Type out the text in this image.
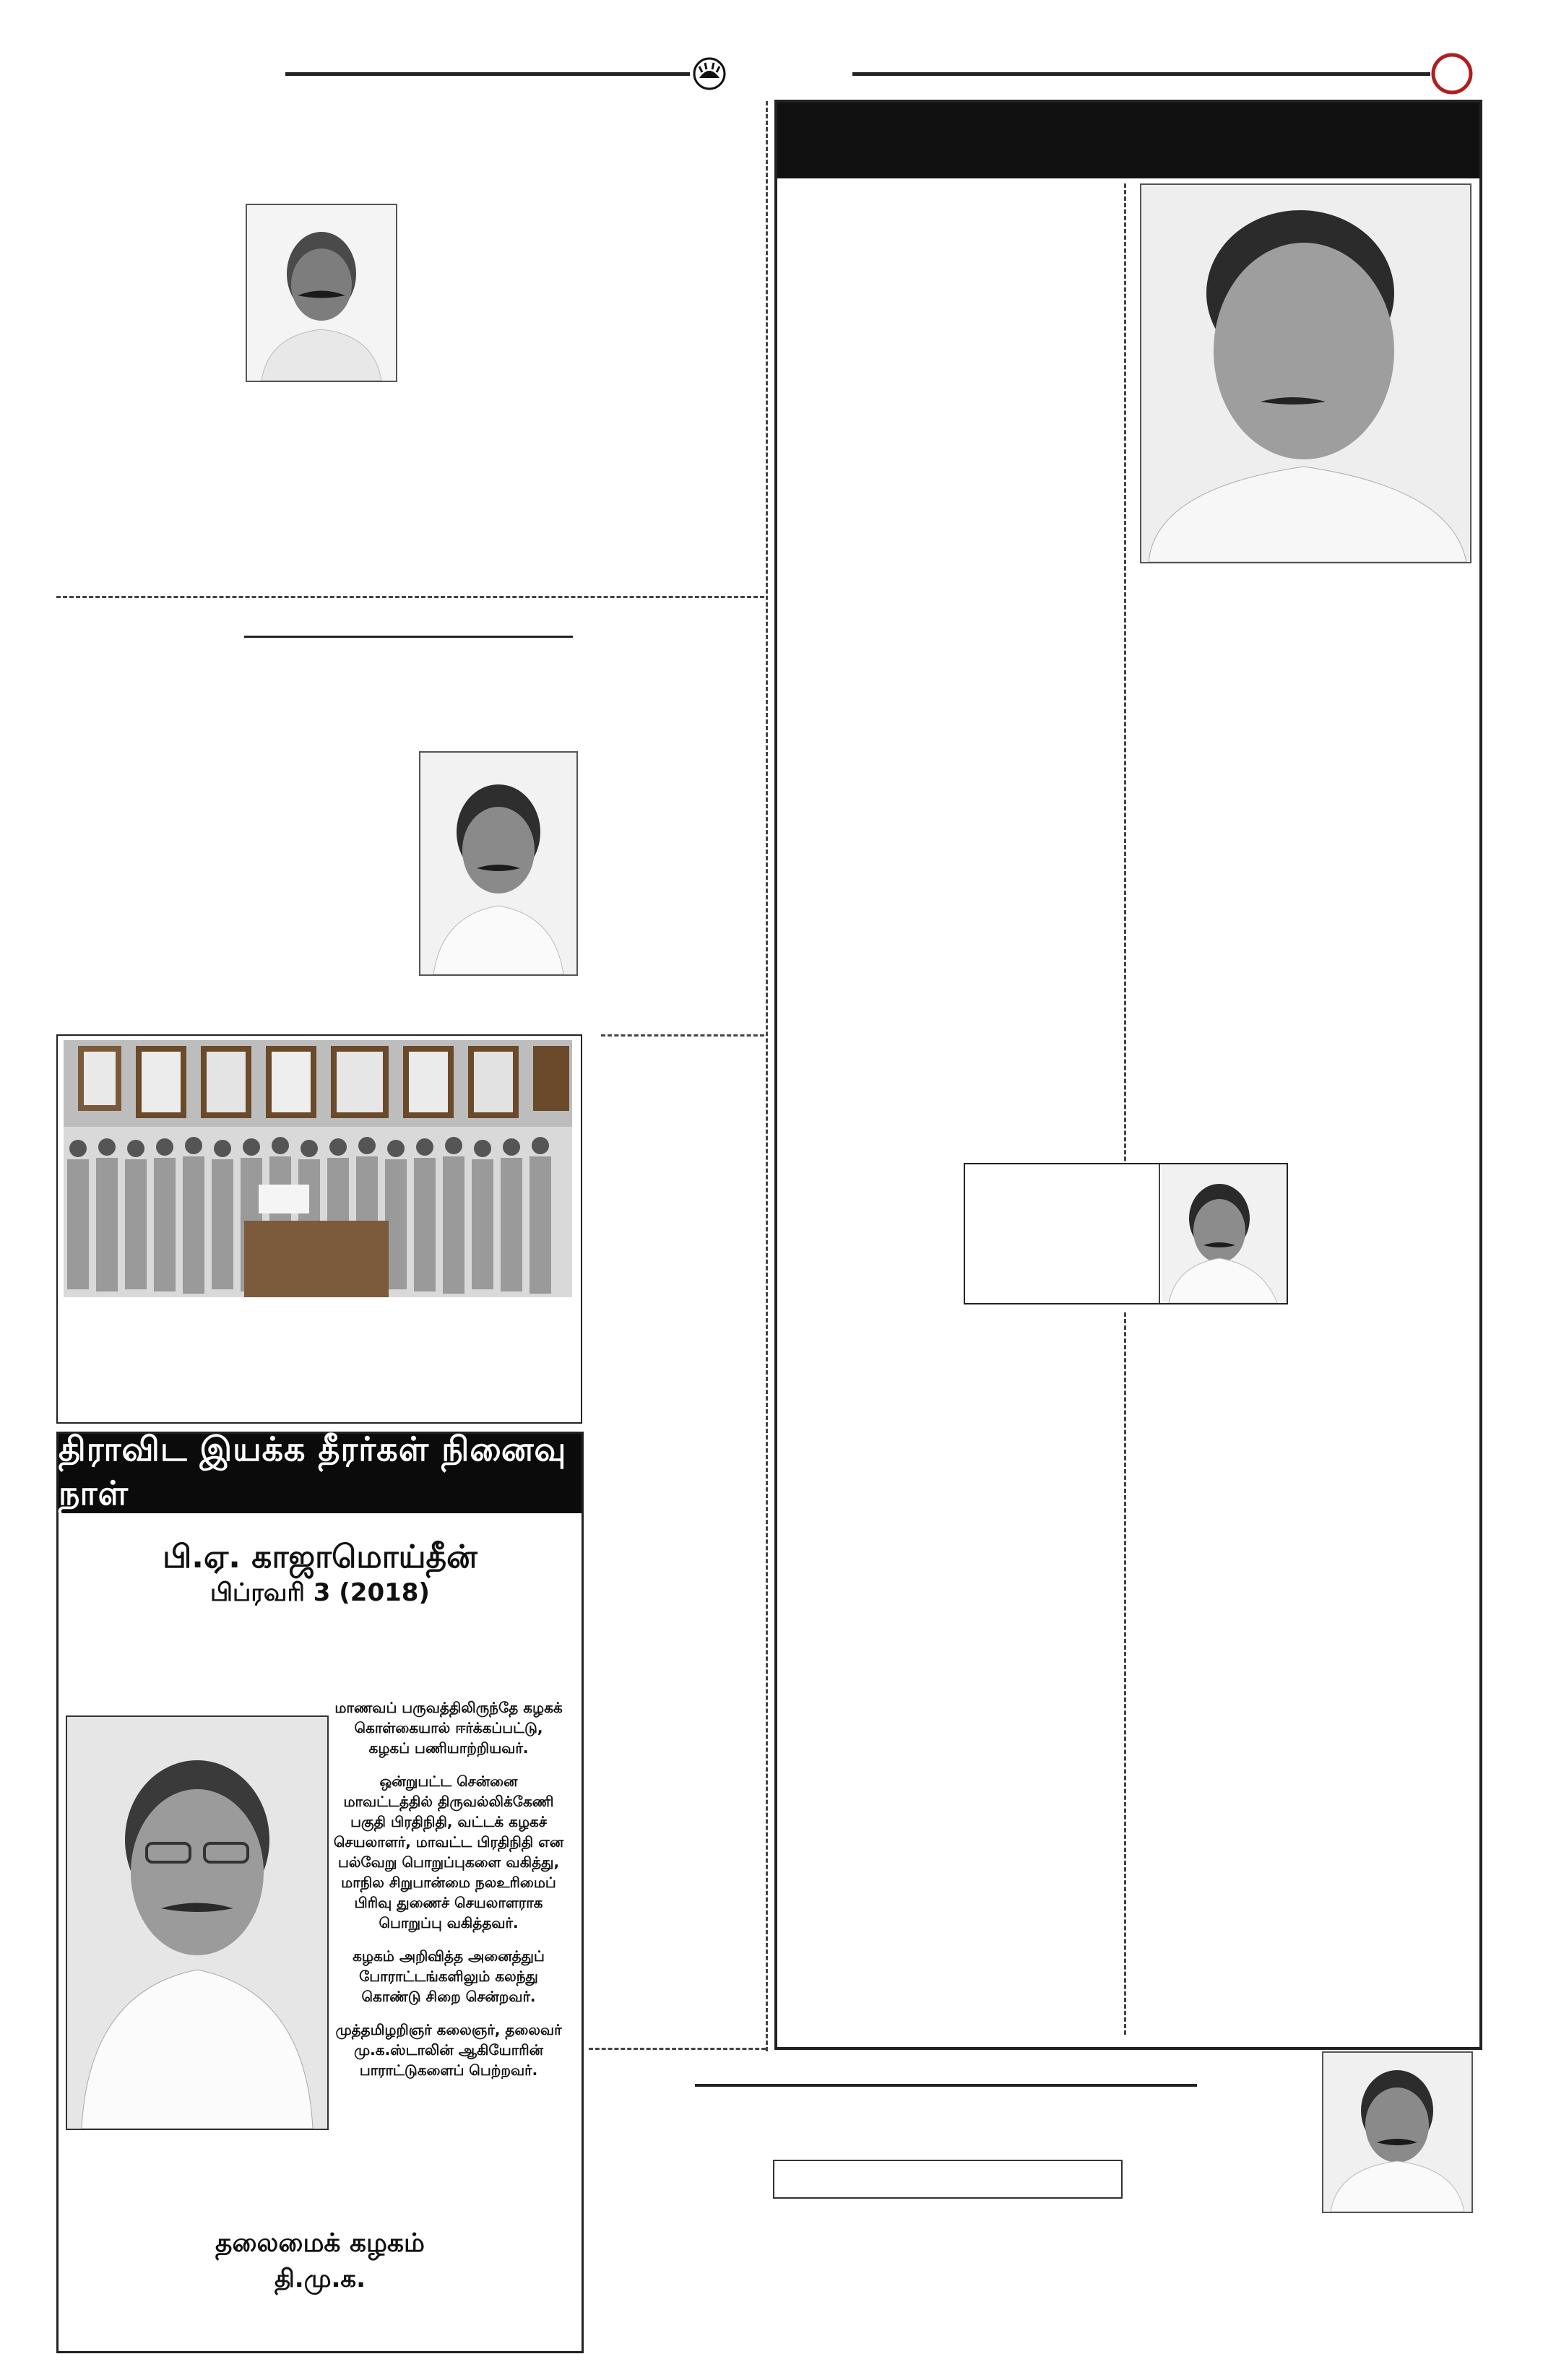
திராவிட இயக்க தீரர்கள் நினைவு நாள்
பி.ஏ. காஜாமொய்தீன்
பிப்ரவரி 3 (2018)

மாணவப் பருவத்திலிருந்தே கழகக் கொள்கையால் ஈர்க்கப்பட்டு, கழகப் பணியாற்றியவர்.

ஒன்றுபட்ட சென்னை மாவட்டத்தில் திருவல்லிக்கேணி பகுதி பிரதிநிதி, வட்டக் கழகச் செயலாளர், மாவட்ட பிரதிநிதி என பல்வேறு பொறுப்புகளை வகித்து, மாநில சிறுபான்மை நலஉரிமைப் பிரிவு துணைச் செயலாளராக பொறுப்பு வகித்தவர்.

கழகம் அறிவித்த அனைத்துப் போராட்டங்களிலும் கலந்து கொண்டு சிறை சென்றவர்.

முத்தமிழறிஞர் கலைஞர், தலைவர் மு.க.ஸ்டாலின் ஆகியோரின் பாராட்டுகளைப் பெற்றவர்.

தலைமைக் கழகம்
தி.மு.க.
